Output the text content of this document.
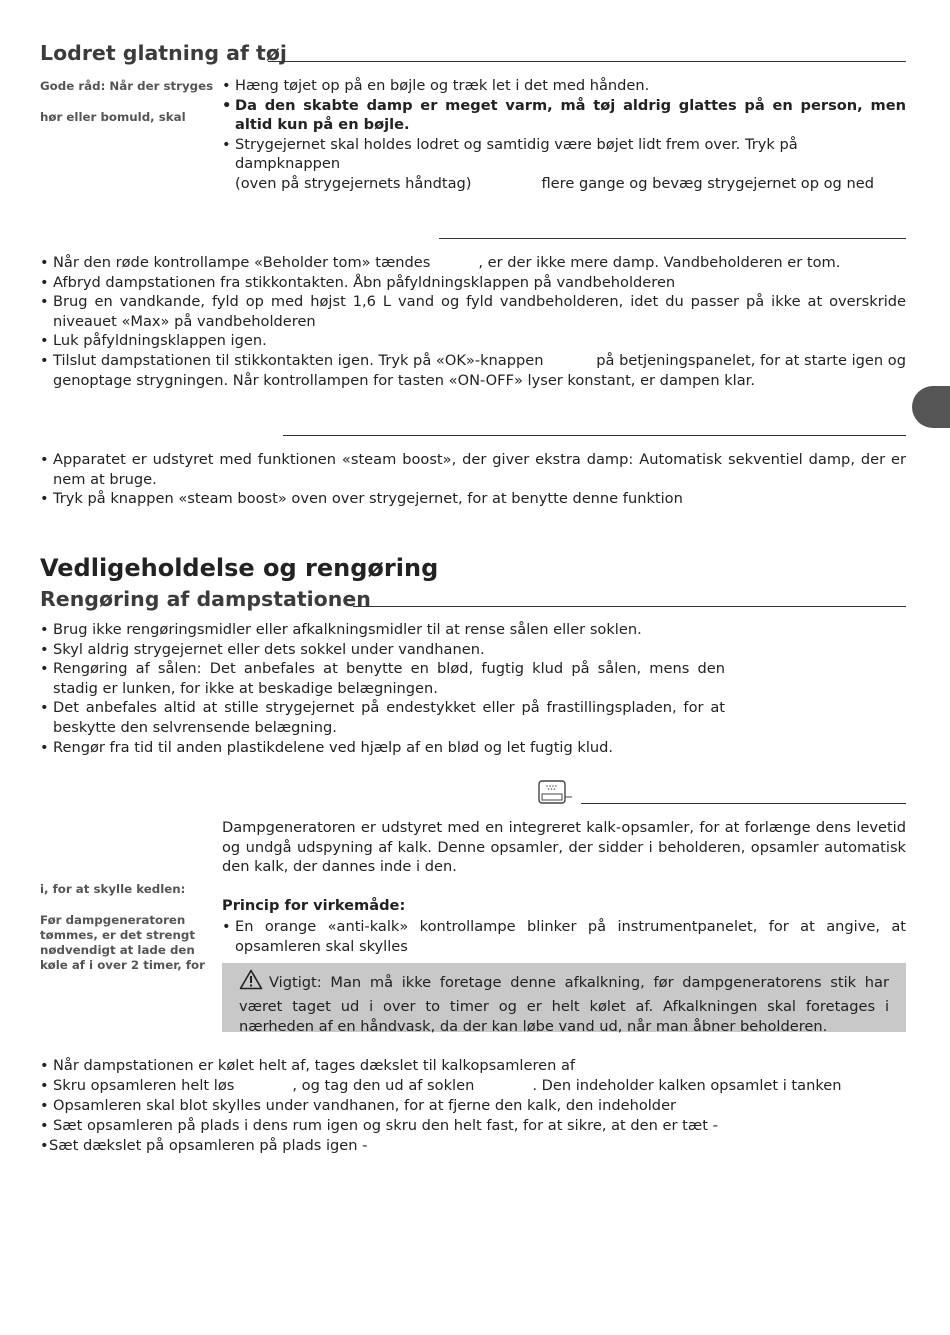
Lodret glatning af tøj
Gode råd: Når der stryges
hør eller bomuld, skal
• Hæng tøjet op på en bøjle og træk let i det med hånden.
• Da den skabte damp er meget varm, må tøj aldrig glattes på en person, men altid kun på en bøjle.
• Strygejernet skal holdes lodret og samtidig være bøjet lidt frem over. Tryk på dampknappen
(oven på strygejernets håndtag)	flere gange og bevæg strygejernet op og ned
• Når den røde kontrollampe «Beholder tom» tændes	, er der ikke mere damp. Vandbeholderen er tom.
• Afbryd dampstationen fra stikkontakten. Åbn påfyldningsklappen på vandbeholderen
• Brug en vandkande, fyld op med højst 1,6 L vand og fyld vandbeholderen, idet du passer på ikke at overskride niveauet «Max» på vandbeholderen
• Luk påfyldningsklappen igen.
• Tilslut dampstationen til stikkontakten igen. Tryk på «OK»-knappen	på betjeningspanelet, for at starte igen og
genoptage strygningen. Når kontrollampen for tasten «ON-OFF» lyser konstant, er dampen klar.
• Apparatet er udstyret med funktionen «steam boost», der giver ekstra damp: Automatisk sekventiel damp, der er nem at bruge.
• Tryk på knappen «steam boost» oven over strygejernet, for at benytte denne funktion
Vedligeholdelse og rengøring
Rengøring af dampstationen
• Brug ikke rengøringsmidler eller afkalkningsmidler til at rense sålen eller soklen.
• Skyl aldrig strygejernet eller dets sokkel under vandhanen.
• Rengøring af sålen: Det anbefales at benytte en blød, fugtig klud på sålen, mens den stadig er lunken, for ikke at beskadige belægningen.
• Det anbefales altid at stille strygejernet på endestykket eller på frastillingspladen, for at beskytte den selvrensende belægning.
• Rengør fra tid til anden plastikdelene ved hjælp af en blød og let fugtig klud.
i, for at skylle kedlen:
Før dampgeneratoren tømmes, er det strengt nødvendigt at lade den køle af i over 2 timer, for
Dampgeneratoren er udstyret med en integreret kalk-opsamler, for at forlænge dens levetid og undgå udspyning af kalk. Denne opsamler, der sidder i beholderen, opsamler automatisk den kalk, der dannes inde i den.
Princip for virkemåde:
• En orange «anti-kalk» kontrollampe blinker på instrumentpanelet, for at angive, at opsamleren skal skylles
Vigtigt: Man må ikke foretage denne afkalkning, før dampgeneratorens stik har været taget ud i over to timer og er helt kølet af. Afkalkningen skal foretages i nærheden af en håndvask, da der kan løbe vand ud, når man åbner beholderen.
• Når dampstationen er kølet helt af, tages dækslet til kalkopsamleren af
• Skru opsamleren helt løs	, og tag den ud af soklen	. Den indeholder kalken opsamlet i tanken
• Opsamleren skal blot skylles under vandhanen, for at fjerne den kalk, den indeholder
• Sæt opsamleren på plads i dens rum igen og skru den helt fast, for at sikre, at den er tæt -
• Sæt dækslet på opsamleren på plads igen -
